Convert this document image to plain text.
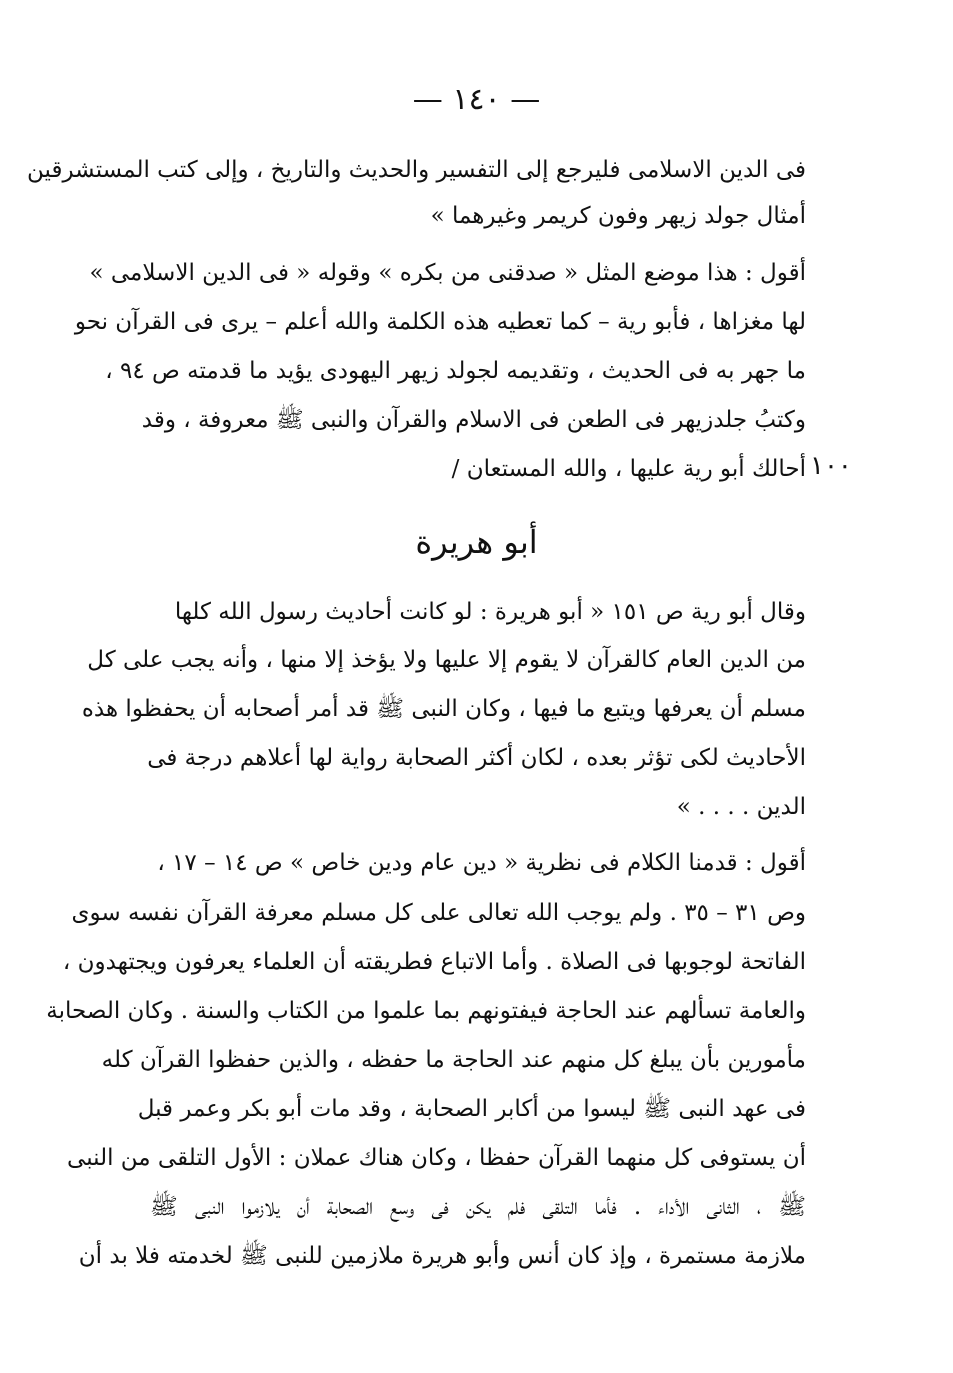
— ١٤٠ —
فى الدين الاسلامى فليرجع إلى التفسير والحديث والتاريخ ، وإلى كتب المستشرقين
أمثال جولد زيهر وفون كريمر وغيرهما »
أقول : هذا موضع المثل « صدقنى من بكره » وقوله « فى الدين الاسلامى »
لها مغزاها ، فأبو رية – كما تعطيه هذه الكلمة والله أعلم – يرى فى القرآن نحو
ما جهر به فى الحديث ، وتقديمه لجولد زيهر اليهودى يؤيد ما قدمته ص ٩٤ ،
وكتبُ جلدزيهر فى الطعن فى الاسلام والقرآن والنبى ﷺ معروفة ، وقد
أحالك أبو رية عليها ، والله المستعان / ١٠٠
أبو هريرة
وقال أبو رية ص ١٥١ « أبو هريرة : لو كانت أحاديث رسول الله كلها
من الدين العام كالقرآن لا يقوم إلا عليها ولا يؤخذ إلا منها ، وأنه يجب على كل
مسلم أن يعرفها ويتبع ما فيها ، وكان النبى ﷺ قد أمر أصحابه أن يحفظوا هذه
الأحاديث لكى تؤثر بعده ، لكان أكثر الصحابة رواية لها أعلاهم درجة فى
الدين . . . . »
أقول : قدمنا الكلام فى نظرية « دين عام ودين خاص » ص ١٤ – ١٧ ،
وص ٣١ – ٣٥ . ولم يوجب الله تعالى على كل مسلم معرفة القرآن نفسه سوى
الفاتحة لوجوبها فى الصلاة . وأما الاتباع فطريقته أن العلماء يعرفون ويجتهدون ،
والعامة تسألهم عند الحاجة فيفتونهم بما علموا من الكتاب والسنة . وكان الصحابة
مأمورين بأن يبلغ كل منهم عند الحاجة ما حفظه ، والذين حفظوا القرآن كله
فى عهد النبى ﷺ ليسوا من أكابر الصحابة ، وقد مات أبو بكر وعمر قبل
أن يستوفى كل منهما القرآن حفظا ، وكان هناك عملان : الأول التلقى من النبى
ﷺ ، الثانى الأداء . فأما التلقى فلم يكن فى وسع الصحابة أن يلازموا النبى ﷺ
ملازمة مستمرة ، وإذ كان أنس وأبو هريرة ملازمين للنبى ﷺ لخدمته فلا بد أن
